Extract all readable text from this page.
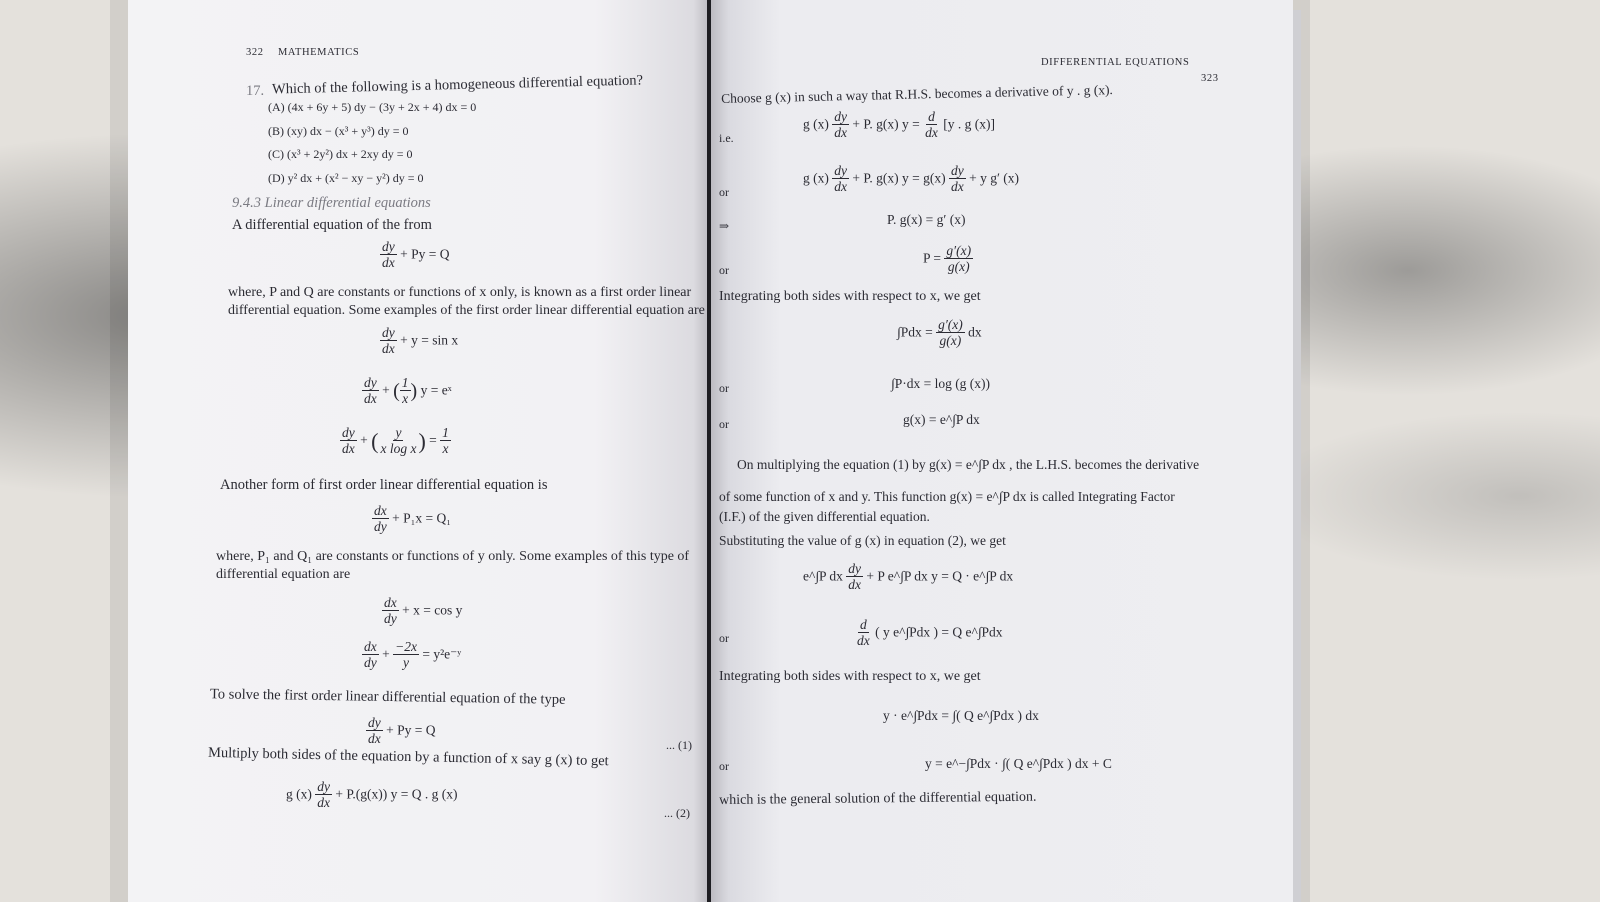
322 MATHEMATICS
17. Which of the following is a homogeneous differential equation?
(A) (4x + 6y + 5) dy − (3y + 2x + 4) dx = 0
(B) (xy) dx − (x³ + y³) dy = 0
(C) (x³ + 2y²) dx + 2xy dy = 0
(D) y² dx + (x² − xy − y²) dy = 0
9.4.3 Linear differential equations
A differential equation of the from
$\frac{dy}{dx} + Py = Q$
where, P and Q are constants or functions of x only, is known as a first order linear
differential equation. Some examples of the first order linear differential equation are
$\frac{dy}{dx} + y = \sin x$
$\frac{dy}{dx}$ + ( $\frac{1}{x}$ ) y = eˣ
$\frac{dy}{dx}$ + ( $\frac{y}{\text{x log x}}$ ) = $\frac{1}{x}$
Another form of first order linear differential equation is
$\frac{dx}{dy} + P_1x = Q_1$
where, P₁ and Q₁ are constants or functions of y only. Some examples of this type of
differential equation are
$\frac{dx}{dy} + x = \cos y$
$\frac{dx}{dy} + \frac{-2x}{y}$ = y²e⁻ʸ
To solve the first order linear differential equation of the type
$\frac{dy}{dx} + Py = Q$
... (1)
Multiply both sides of the equation by a function of x say g (x) to get
g $(x) \frac{dy}{dx} + P.(g(x)) y = Q$ . g (x)
... (2)
DIFFERENTIAL EQUATIONS
323
Choose g (x) in such a way that R.H.S. becomes a derivative of y . g (x).
i.e.
g $(x) \frac{dy}{dx} + P$. g(x) $y = \frac{d}{dx} [y$ . g (x)]
or
g $(x) \frac{dy}{dx} + P$. g(x) $y = g(x) \frac{dy}{dx} + y$ g′ (x)
⇒	P. g(x) = g′ (x)
or
$P = \frac{g'(x)}{g(x)}$
Integrating both sides with respect to x, we get
$\int Pdx = \frac{g'(x)}{g(x)}$ dx
or	∫P·dx = log (g (x))
or	g(x) = e^∫P dx
On multiplying the equation (1) by g(x) = e^∫P dx , the L.H.S. becomes the derivative
of some function of x and y. This function g(x) = e^∫P dx is called Integrating Factor
(I.F.) of the given differential equation.
Substituting the value of g (x) in equation (2), we get
e^∫P dx $\frac{dy}{dx} + P$ e^∫P dx y = Q · e^∫P dx
or	$\frac{d}{dx}$ ( y e^∫Pdx ) = Q e^∫Pdx
Integrating both sides with respect to x, we get
y · e^∫Pdx = ∫( Q e^∫Pdx ) dx
or	y = e^−∫Pdx · ∫( Q e^∫Pdx ) dx + C
which is the general solution of the differential equation.
